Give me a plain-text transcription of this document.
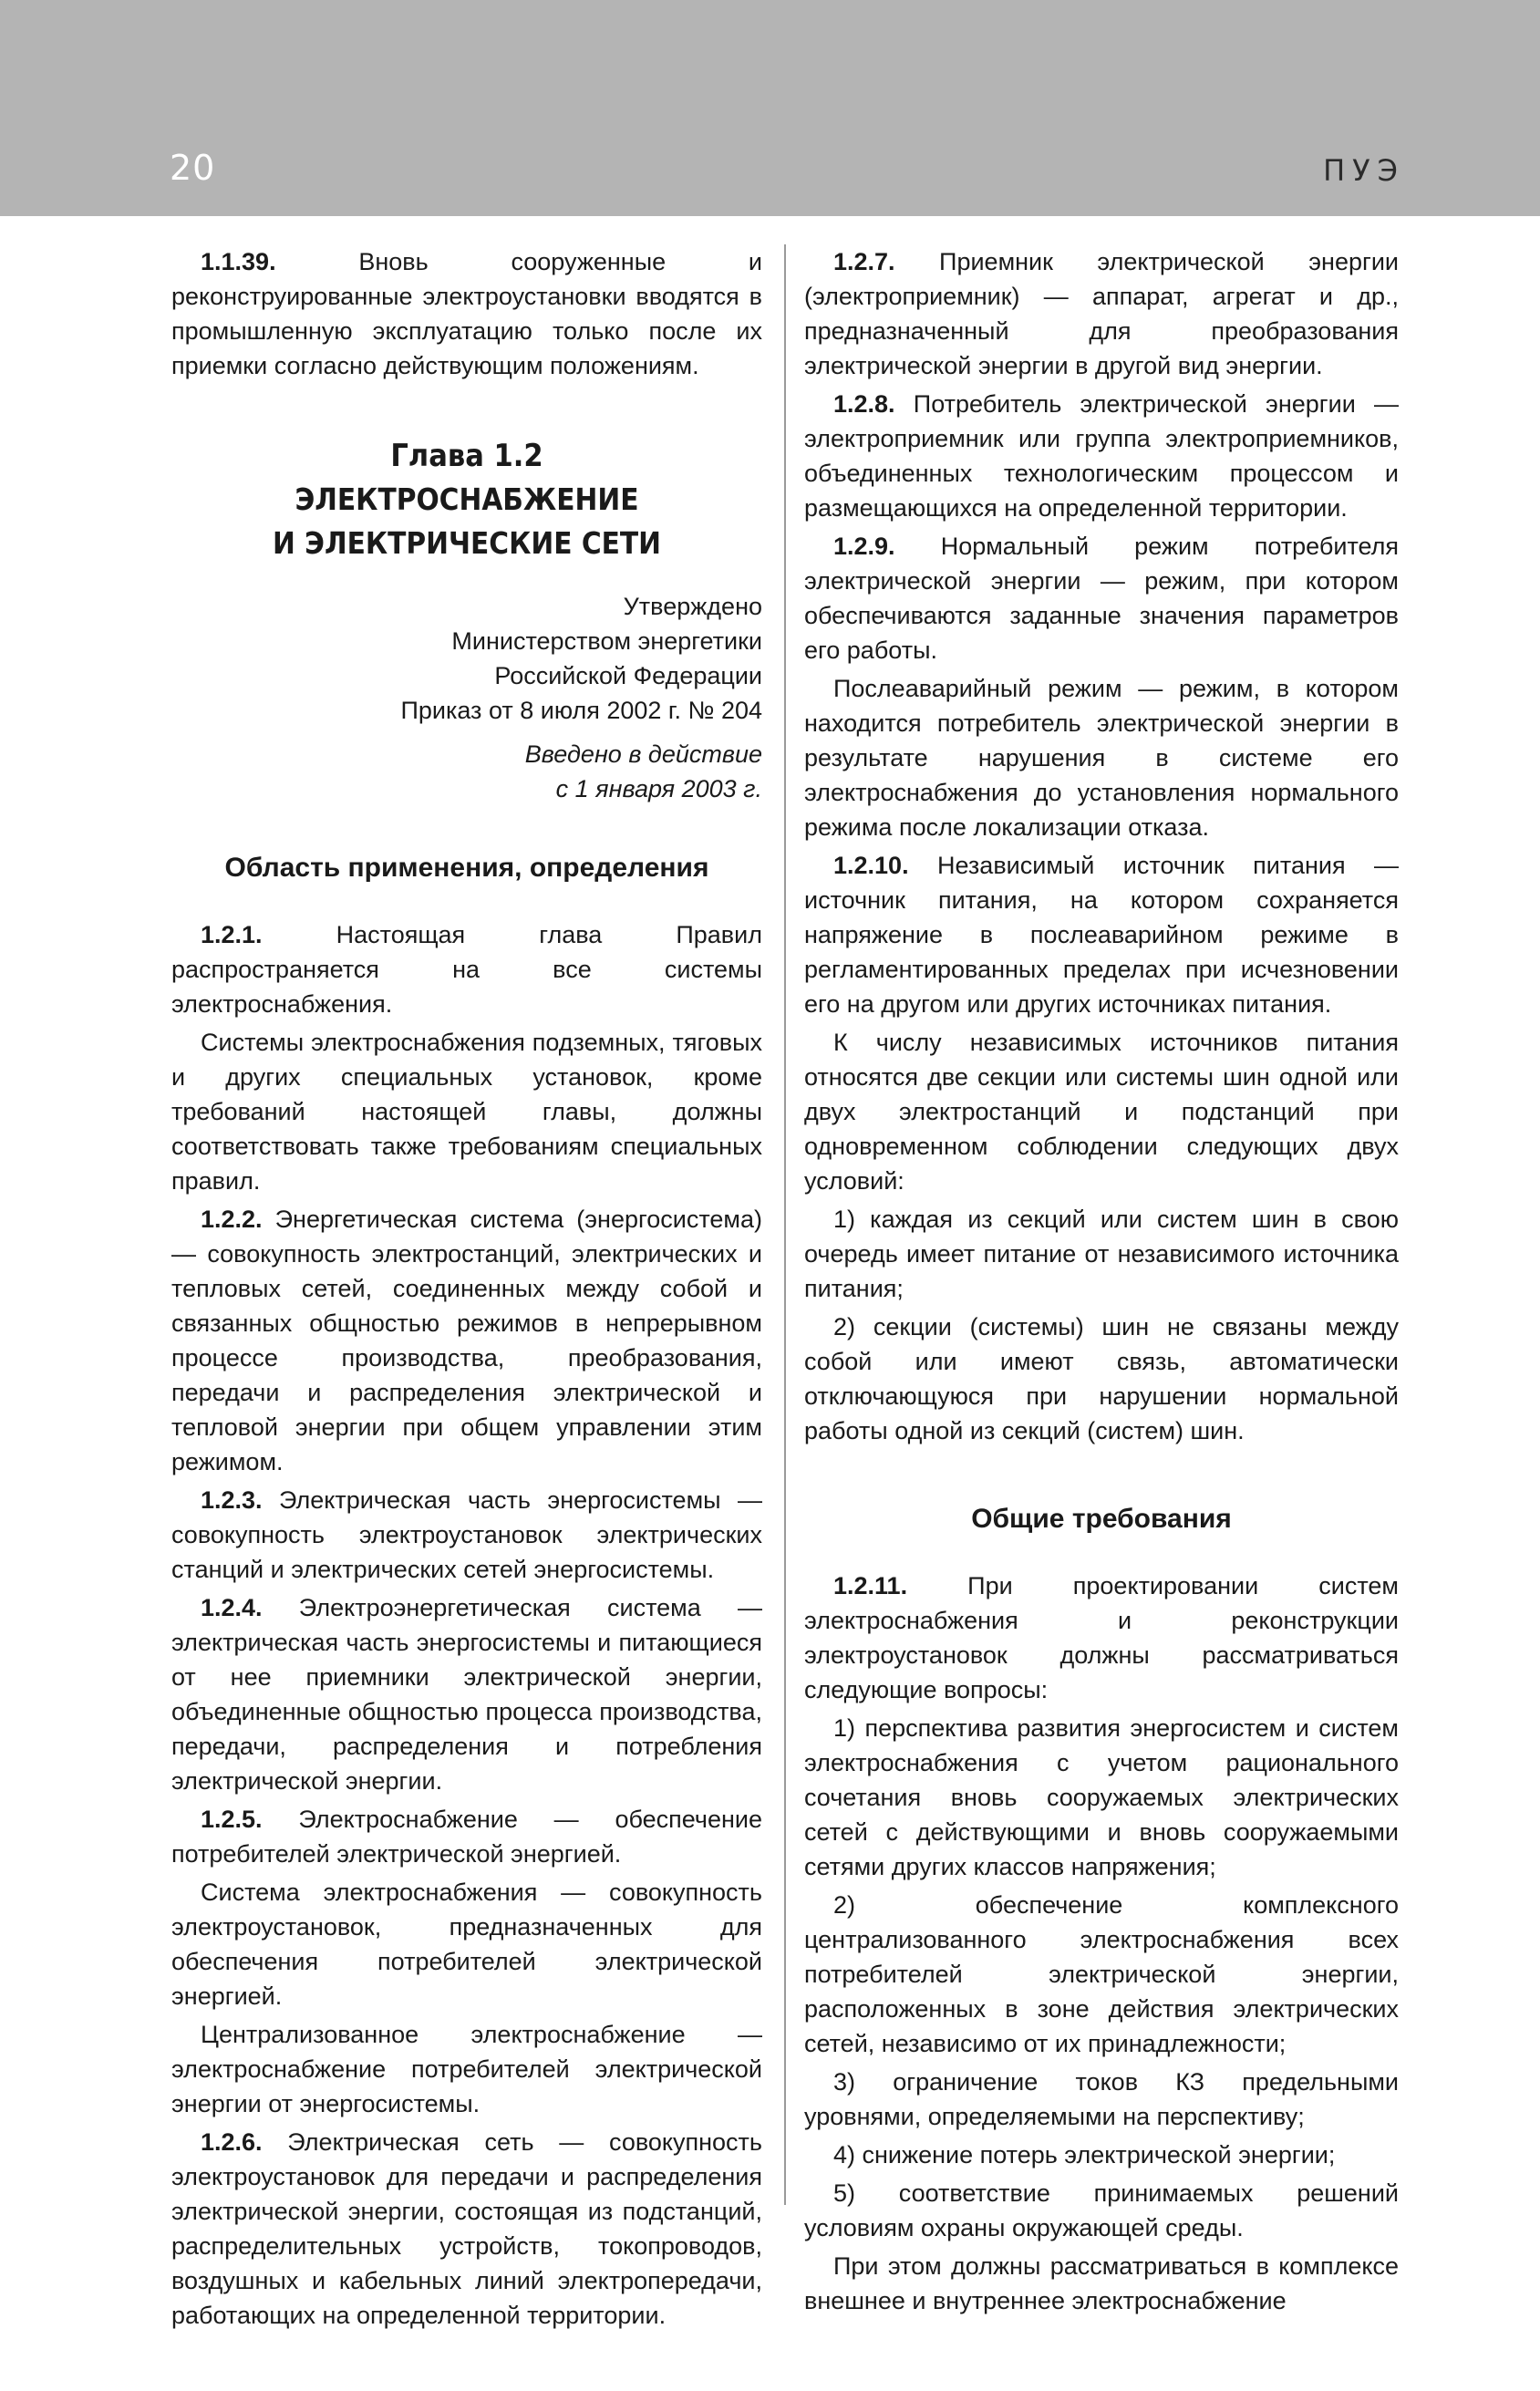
20	ПУЭ

1.1.39. Вновь сооруженные и реконструированные электроустановки вводятся в промышленную эксплуатацию только после их приемки согласно действующим положениям.

Глава 1.2
ЭЛЕКТРОСНАБЖЕНИЕ
И ЭЛЕКТРИЧЕСКИЕ СЕТИ
Утверждено
Министерством энергетики
Российской Федерации
Приказ от 8 июля 2002 г. № 204
Введено в действие
с 1 января 2003 г.
Область применения, определения

1.2.1. Настоящая глава Правил распространяется на все системы электроснабжения.

Системы электроснабжения подземных, тяговых и других специальных установок, кроме требований настоящей главы, должны соответствовать также требованиям специальных правил.

1.2.2. Энергетическая система (энергосистема) — совокупность электростанций, электрических и тепловых сетей, соединенных между собой и связанных общностью режимов в непрерывном процессе производства, преобразования, передачи и распределения электрической и тепловой энергии при общем управлении этим режимом.

1.2.3. Электрическая часть энергосистемы — совокупность электроустановок электрических станций и электрических сетей энергосистемы.

1.2.4. Электроэнергетическая система — электрическая часть энергосистемы и питающиеся от нее приемники электрической энергии, объединенные общностью процесса производства, передачи, распределения и потребления электрической энергии.

1.2.5. Электроснабжение — обеспечение потребителей электрической энергией.

Система электроснабжения — совокупность электроустановок, предназначенных для обеспечения потребителей электрической энергией.

Централизованное электроснабжение — электроснабжение потребителей электрической энергии от энергосистемы.

1.2.6. Электрическая сеть — совокупность электроустановок для передачи и распределения электрической энергии, состоящая из подстанций, распределительных устройств, токопроводов, воздушных и кабельных линий электропередачи, работающих на определенной территории.

1.2.7. Приемник электрической энергии (электроприемник) — аппарат, агрегат и др., предназначенный для преобразования электрической энергии в другой вид энергии.

1.2.8. Потребитель электрической энергии — электроприемник или группа электроприемников, объединенных технологическим процессом и размещающихся на определенной территории.

1.2.9. Нормальный режим потребителя электрической энергии — режим, при котором обеспечиваются заданные значения параметров его работы.

Послеаварийный режим — режим, в котором находится потребитель электрической энергии в результате нарушения в системе его электроснабжения до установления нормального режима после локализации отказа.

1.2.10. Независимый источник питания — источник питания, на котором сохраняется напряжение в послеаварийном режиме в регламентированных пределах при исчезновении его на другом или других источниках питания.

К числу независимых источников питания относятся две секции или системы шин одной или двух электростанций и подстанций при одновременном соблюдении следующих двух условий:

1) каждая из секций или систем шин в свою очередь имеет питание от независимого источника питания;

2) секции (системы) шин не связаны между собой или имеют связь, автоматически отключающуюся при нарушении нормальной работы одной из секций (систем) шин.

Общие требования

1.2.11. При проектировании систем электроснабжения и реконструкции электроустановок должны рассматриваться следующие вопросы:

1) перспектива развития энергосистем и систем электроснабжения с учетом рационального сочетания вновь сооружаемых электрических сетей с действующими и вновь сооружаемыми сетями других классов напряжения;

2) обеспечение комплексного централизованного электроснабжения всех потребителей электрической энергии, расположенных в зоне действия электрических сетей, независимо от их принадлежности;

3) ограничение токов КЗ предельными уровнями, определяемыми на перспективу;

4) снижение потерь электрической энергии;

5) соответствие принимаемых решений условиям охраны окружающей среды.

При этом должны рассматриваться в комплексе внешнее и внутреннее электроснабжение
